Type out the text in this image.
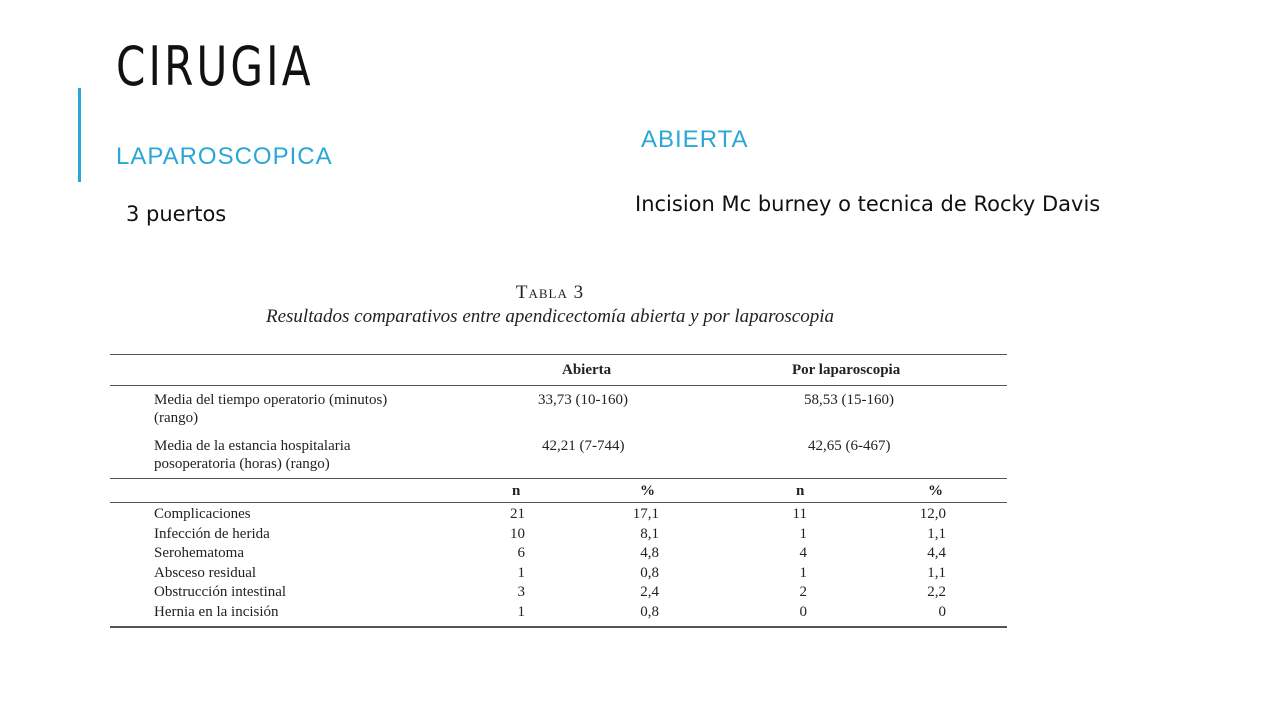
CIRUGIA
LAPAROSCOPICA
ABIERTA
3 puertos	Incision Mc burney o tecnica de Rocky Davis
Tabla 3
Resultados comparativos entre apendicectomía abierta y por laparoscopia
Abierta	Por laparoscopia
Media del tiempo operatorio (minutos)
(rango)
33,73 (10-160)	58,53 (15-160)
Media de la estancia hospitalaria
posoperatoria (horas) (rango)
42,21 (7-744)	42,65 (6-467)
n	%	n	%
Complicaciones	21	17,1	11	12,0
Infección de herida	10	8,1	1	1,1
Serohematoma	6	4,8	4	4,4
Absceso residual	1	0,8	1	1,1
Obstrucción intestinal	3	2,4	2	2,2
Hernia en la incisión	1	0,8	0	0
